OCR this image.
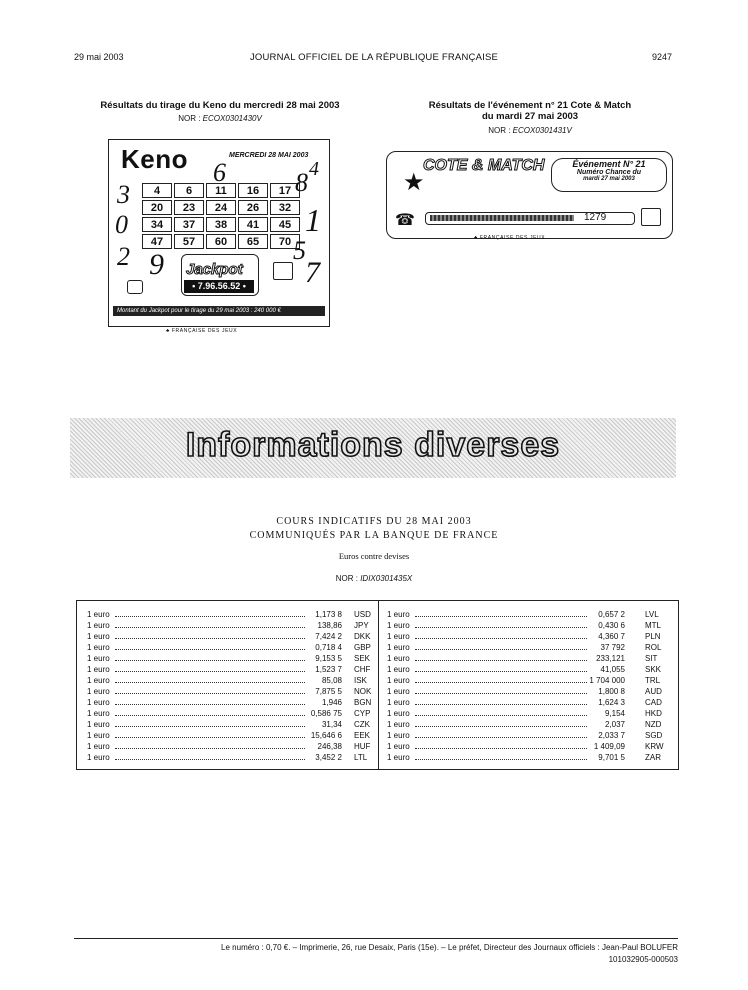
29 mai 2003	JOURNAL OFFICIEL DE LA RÉPUBLIQUE FRANÇAISE	9247
Résultats du tirage du Keno du mercredi 28 mai 2003
NOR : ECOX0301430V
Keno	MERCREDI 28 MAI 2003
4	6	11	16	17
20	23	24	26	32
34	37	38	41	45
47	57	60	65	70
3
0
2 9
6	8 4
1
5
7
Jackpot
• 7.96.56.52 •
Montant du Jackpot pour le tirage du 29 mai 2003 : 240 000 €
♣ FRANÇAISE DES JEUX
Résultats de l'événement n° 21 Cote & Match
du mardi 27 mai 2003
NOR : ECOX0301431V
★
COTE & MATCH	Événement N° 21
Numéro Chance du
mardi 27 mai 2003
☎	1279
♣ FRANÇAISE DES JEUX
Informations diverses
COURS INDICATIFS DU 28 MAI 2003
COMMUNIQUÉS PAR LA BANQUE DE FRANCE
Euros contre devises
NOR : IDIX0301435X
1 euro	1,173 8 USD
1 euro	138,86 JPY
1 euro	7,424 2 DKK
1 euro	0,718 4 GBP
1 euro	9,153 5 SEK
1 euro	1,523 7 CHF
1 euro	85,08 ISK
1 euro	7,875 5 NOK
1 euro	1,946 BGN
1 euro	0,586 75 CYP
1 euro	31,34 CZK
1 euro	15,646 6 EEK
1 euro	246,38 HUF
1 euro	3,452 2 LTL
1 euro	0,657 2	LVL
1 euro	0,430 6	MTL
1 euro	4,360 7	PLN
1 euro	37 792	ROL
1 euro	233,121	SIT
1 euro	41,055	SKK
1 euro	1 704 000	TRL
1 euro	1,800 8	AUD
1 euro	1,624 3	CAD
1 euro	9,154	HKD
1 euro	2,037	NZD
1 euro	2,033 7	SGD
1 euro	1 409,09	KRW
1 euro	9,701 5	ZAR
Le numéro : 0,70 €. – Imprimerie, 26, rue Desaix, Paris (15e). – Le préfet, Directeur des Journaux officiels : Jean-Paul BOLUFER
101032905-000503
